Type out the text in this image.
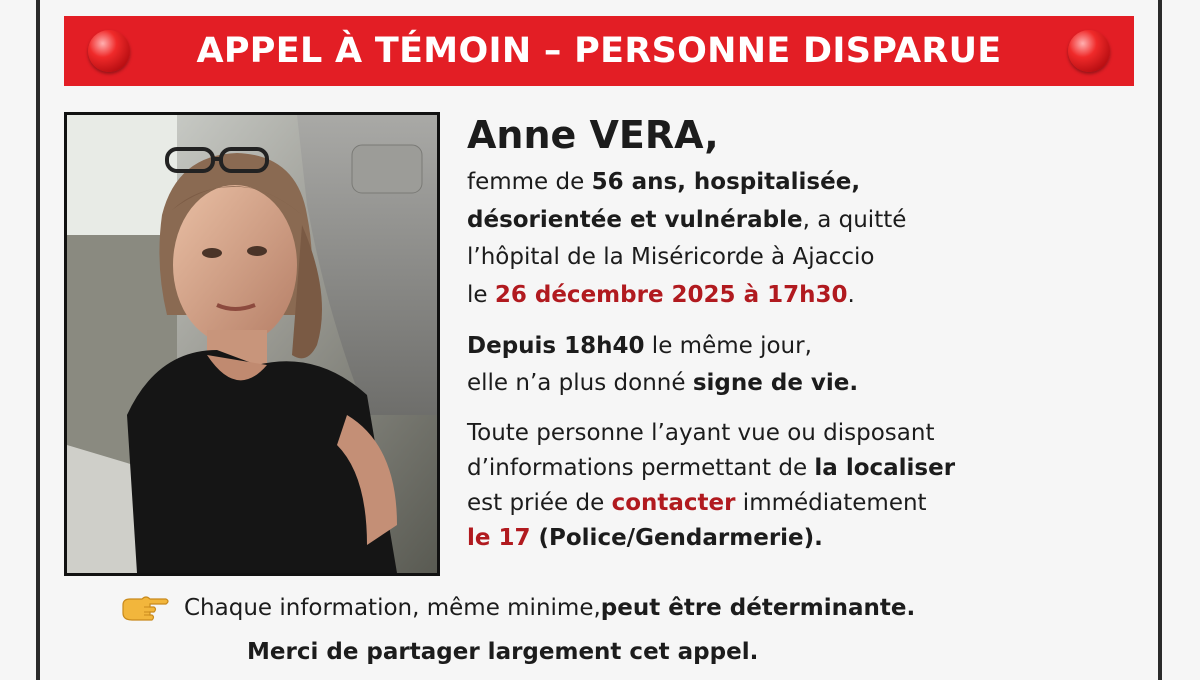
APPEL À TÉMOIN – PERSONNE DISPARUE
Anne VERA,

femme de 56 ans, hospitalisée,

désorientée et vulnérable, a quitté

l’hôpital de la Miséricorde à Ajaccio

le 26 décembre 2025 à 17h30.

Depuis 18h40 le même jour,

elle n’a plus donné signe de vie.

Toute personne l’ayant vue ou disposant

d’informations permettant de la localiser

est priée de contacter immédiatement

le 17 (Police/Gendarmerie).

Chaque information, même minime, peut être déterminante.
Merci de partager largement cet appel.
